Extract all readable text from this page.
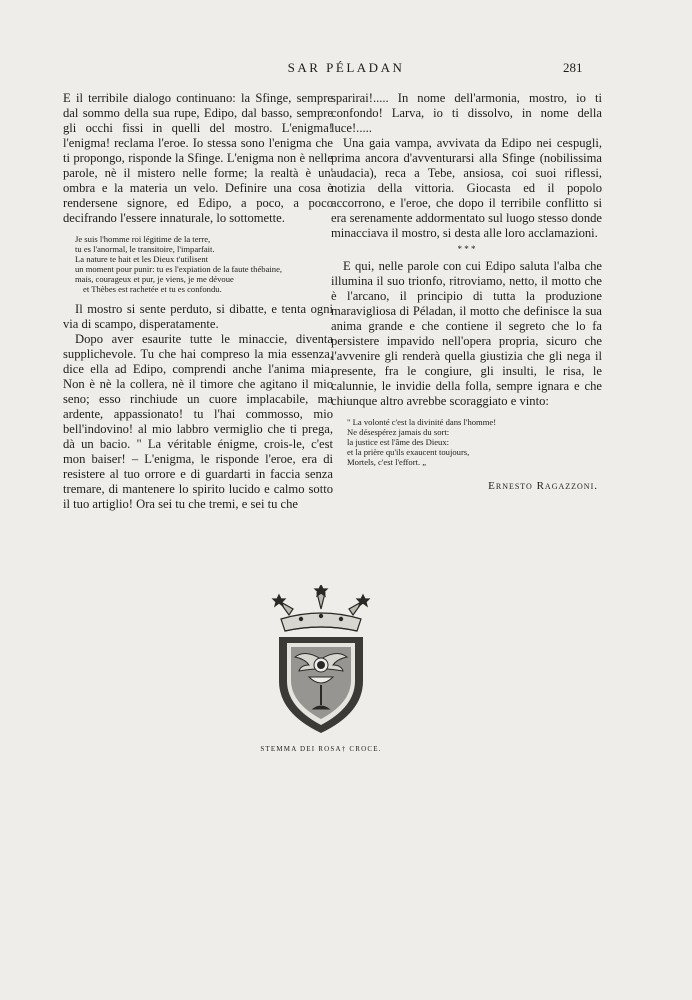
SAR PÉLADAN	281

E il terribile dialogo continuano: la Sfinge, sempre dal sommo della sua rupe, Edipo, dal basso, sempre gli occhi fissi in quelli del mostro. L'enigma! l'enigma! reclama l'eroe. Io stessa sono l'enigma che ti propongo, risponde la Sfinge. L'enigma non è nelle parole, nè il mistero nelle forme; la realtà è un' ombra e la materia un velo. Definire una cosa è rendersene signore, ed Edipo, a poco, a poco decifrando l'essere innaturale, lo sottomette.

Je suis l'homme roi légitime de la terre,
tu es l'anormal, le transitoire, l'imparfait.
La nature te hait et les Dieux t'utilisent
un moment pour punir: tu es l'expiation de la faute thébaine,
mais, courageux et pur, je viens, je me dévoue
et Thèbes est rachetée et tu es confondu.

Il mostro si sente perduto, si dibatte, e tenta ogni via di scampo, disperatamente.

Dopo aver esaurite tutte le minaccie, diventa supplichevole. Tu che hai compreso la mia essenza, dice ella ad Edipo, comprendi anche l'anima mia. Non è nè la collera, nè il timore che agitano il mio seno; esso rinchiude un cuore implacabile, ma ardente, appassionato! tu l'hai commosso, mio bell'indovino! al mio labbro vermiglio che ti prega, dà un bacio. " La véritable énigme, crois-le, c'est mon baiser! – L'enigma, le risponde l'eroe, era di resistere al tuo orrore e di guardarti in faccia senza tremare, di mantenere lo spirito lucido e calmo sotto il tuo artiglio! Ora sei tu che tremi, e sei tu che

sparirai!..... In nome dell'armonia, mostro, io ti confondo! Larva, io ti dissolvo, in nome della luce!.....

Una gaia vampa, avvivata da Edipo nei cespugli, prima ancora d'avventurarsi alla Sfinge (nobilissima audacia), reca a Tebe, ansiosa, coi suoi riflessi, notizia della vittoria. Giocasta ed il popolo accorrono, e l'eroe, che dopo il terribile conflitto si era serenamente addormentato sul luogo stesso donde minacciava il mostro, si desta alle loro acclamazioni.

* * *

E qui, nelle parole con cui Edipo saluta l'alba che illumina il suo trionfo, ritroviamo, netto, il motto che è l'arcano, il principio di tutta la produzione maravigliosa di Péladan, il motto che definisce la sua anima grande e che contiene il segreto che lo fa persistere impavido nell'opera propria, sicuro che l'avvenire gli renderà quella giustizia che gli nega il presente, fra le congiure, gli insulti, le risa, le calunnie, le invidie della folla, sempre ignara e che chiunque altro avrebbe scoraggiato e vinto:

" La volonté c'est la divinité dans l'homme!
Ne désespérez jamais du sort:
la justice est l'âme des Dieux:
et la prière qu'ils exaucent toujours,
Mortels, c'est l'effort. „
Ernesto Ragazzoni.
STEMMA DEI ROSA† CROCE.
